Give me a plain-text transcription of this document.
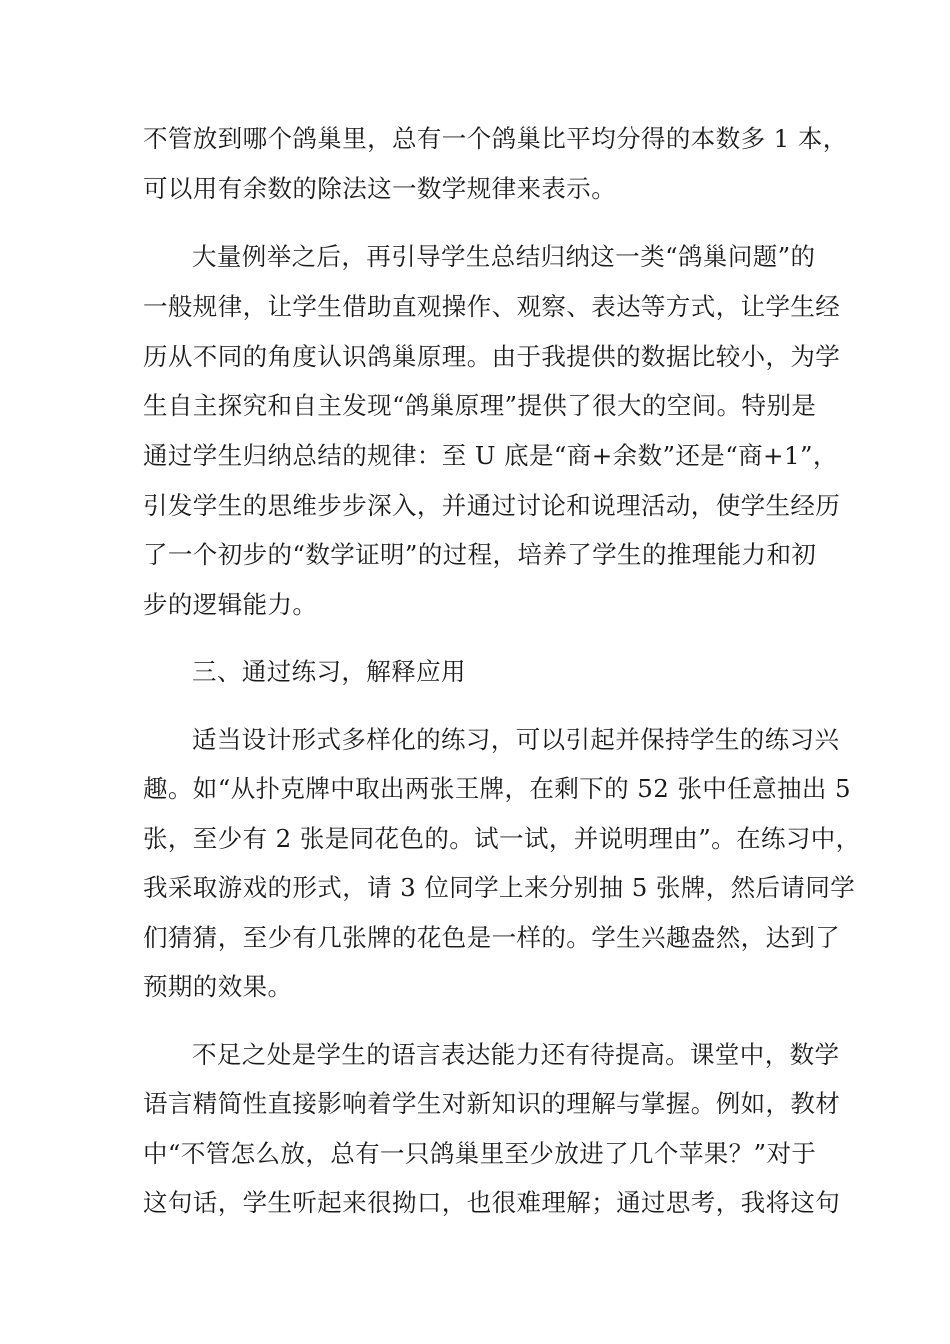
不管放到哪个鸽巢里，总有一个鸽巢比平均分得的本数多 1 本，
可以用有余数的除法这一数学规律来表示。
大量例举之后，再引导学生总结归纳这一类“鸽巢问题”的
一般规律，让学生借助直观操作、观察、表达等方式，让学生经
历从不同的角度认识鸽巢原理。由于我提供的数据比较小，为学
生自主探究和自主发现“鸽巢原理”提供了很大的空间。特别是
通过学生归纳总结的规律：至 U 底是“商+余数”还是“商+1”，
引发学生的思维步步深入，并通过讨论和说理活动，使学生经历
了一个初步的“数学证明”的过程，培养了学生的推理能力和初
步的逻辑能力。
三、通过练习，解释应用
适当设计形式多样化的练习，可以引起并保持学生的练习兴
趣。如“从扑克牌中取出两张王牌，在剩下的 52 张中任意抽出 5
张，至少有 2 张是同花色的。试一试，并说明理由”。在练习中，
我采取游戏的形式，请 3 位同学上来分别抽 5 张牌，然后请同学
们猜猜，至少有几张牌的花色是一样的。学生兴趣盎然，达到了
预期的效果。
不足之处是学生的语言表达能力还有待提高。课堂中，数学
语言精简性直接影响着学生对新知识的理解与掌握。例如，教材
中“不管怎么放，总有一只鸽巢里至少放进了几个苹果？”对于
这句话，学生听起来很拗口，也很难理解；通过思考，我将这句
